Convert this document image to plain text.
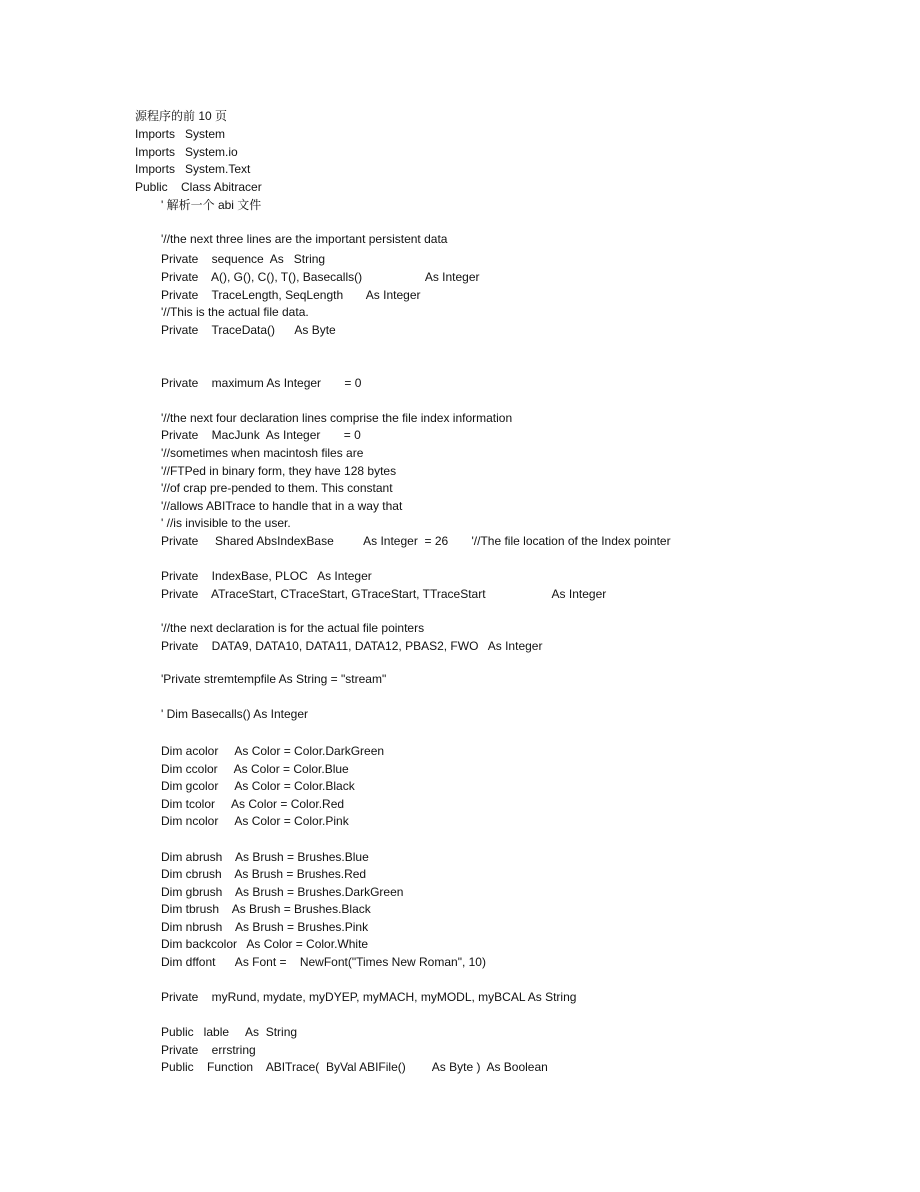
源程序的前 10 页

Imports   System

Imports   System.io

Imports   System.Text

Public    Class Abitracer

' 解析一个 abi 文件

'//the next three lines are the important persistent data

Private    sequence  As   String

Private    A(), G(), C(), T(), Basecalls()                   As Integer

Private    TraceLength, SeqLength       As Integer

'//This is the actual file data.

Private    TraceData()      As Byte

Private    maximum As Integer       = 0

'//the next four declaration lines comprise the file index information

Private    MacJunk  As Integer       = 0

'//sometimes when macintosh files are

'//FTPed in binary form, they have 128 bytes

'//of crap pre-pended to them. This constant

'//allows ABITrace to handle that in a way that

' //is invisible to the user.

Private     Shared AbsIndexBase         As Integer  = 26       '//The file location of the Index pointer

Private    IndexBase, PLOC   As Integer

Private    ATraceStart, CTraceStart, GTraceStart, TTraceStart                    As Integer

'//the next declaration is for the actual file pointers

Private    DATA9, DATA10, DATA11, DATA12, PBAS2, FWO   As Integer

'Private stremtempfile As String = "stream"

' Dim Basecalls() As Integer

Dim acolor     As Color = Color.DarkGreen

Dim ccolor     As Color = Color.Blue

Dim gcolor     As Color = Color.Black

Dim tcolor     As Color = Color.Red

Dim ncolor     As Color = Color.Pink

Dim abrush    As Brush = Brushes.Blue

Dim cbrush    As Brush = Brushes.Red

Dim gbrush    As Brush = Brushes.DarkGreen

Dim tbrush    As Brush = Brushes.Black

Dim nbrush    As Brush = Brushes.Pink

Dim backcolor   As Color = Color.White

Dim dffont      As Font =    NewFont("Times New Roman", 10)

Private    myRund, mydate, myDYEP, myMACH, myMODL, myBCAL As String

Public   lable     As  String

Private    errstring

Public    Function    ABITrace(  ByVal ABIFile()        As Byte )  As Boolean
